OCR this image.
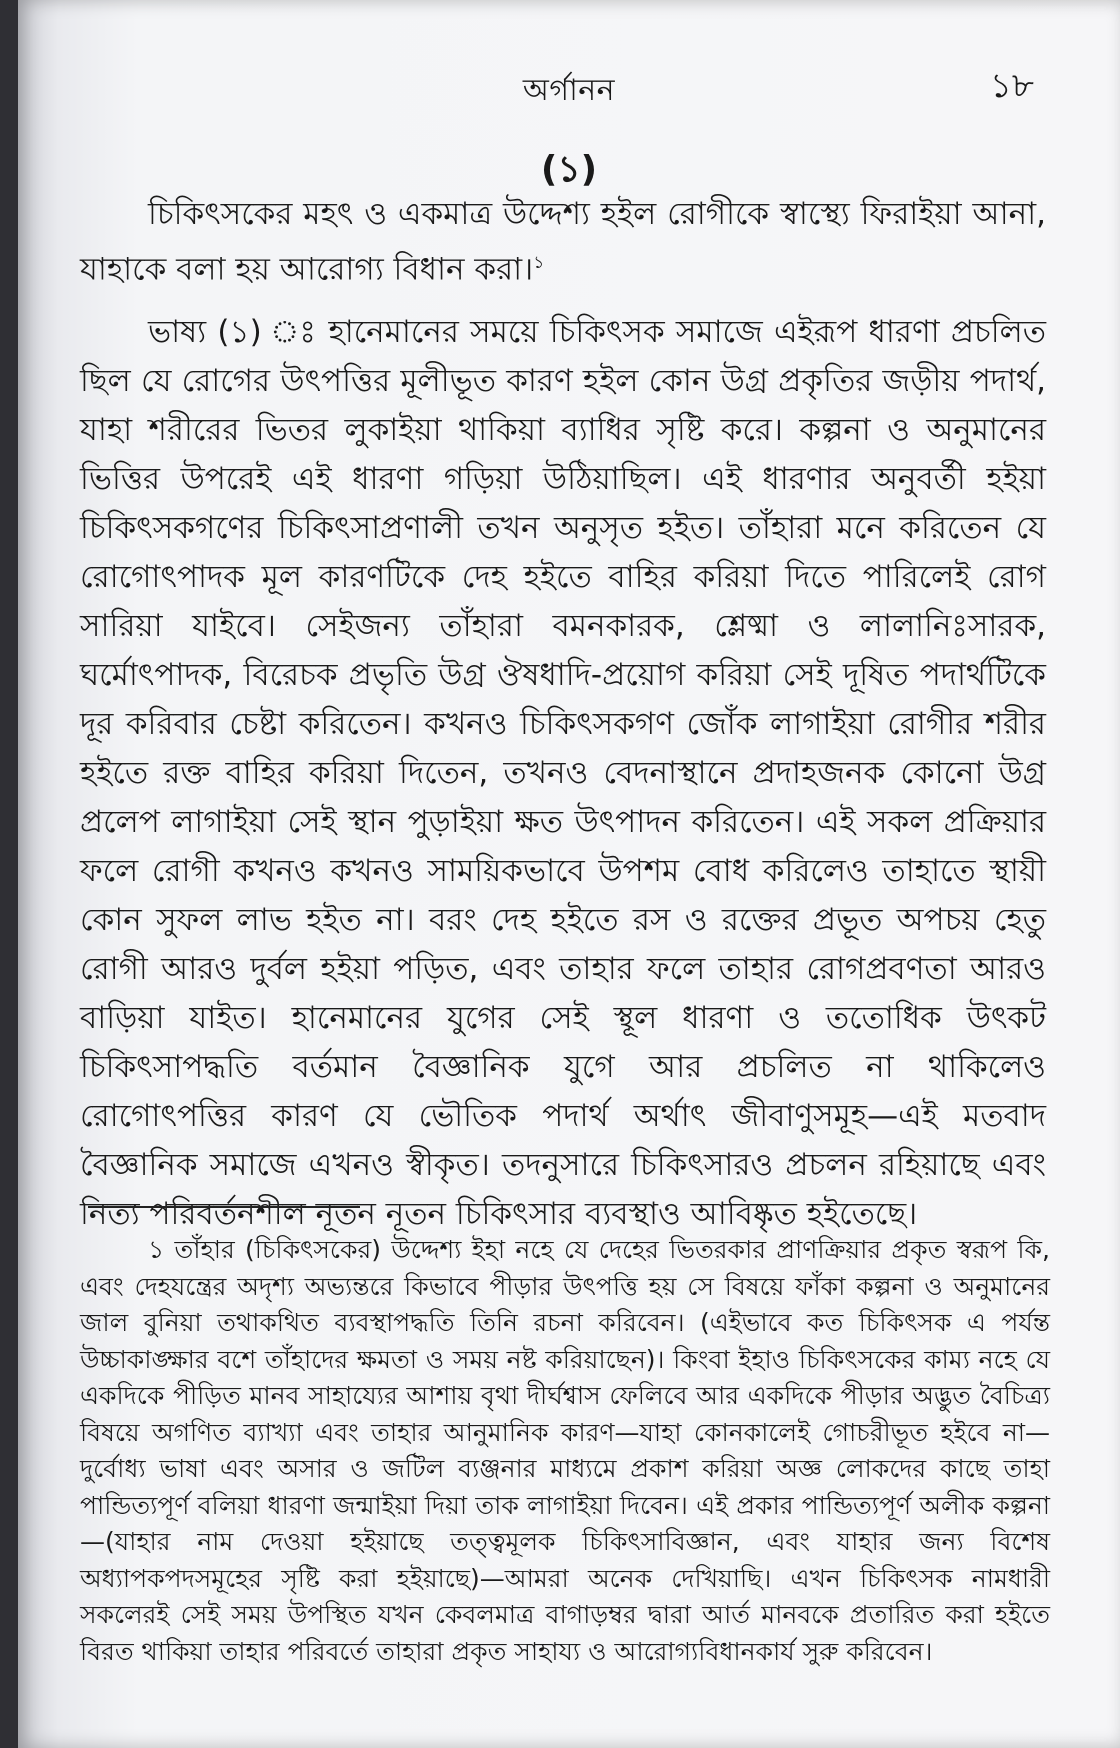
অর্গানন	১৮
(১)

চিকিৎসকের মহৎ ও একমাত্র উদ্দেশ্য হইল রোগীকে স্বাস্থ্যে ফিরাইয়া আনা, যাহাকে বলা হয় আরোগ্য বিধান করা।$^১$

ভাষ্য (১) ঃ হানেমানের সময়ে চিকিৎসক সমাজে এইরূপ ধারণা প্রচলিত ছিল যে রোগের উৎপত্তির মূলীভূত কারণ হইল কোন উগ্র প্রকৃতির জড়ীয় পদার্থ, যাহা শরীরের ভিতর লুকাইয়া থাকিয়া ব্যাধির সৃষ্টি করে। কল্পনা ও অনুমানের ভিত্তির উপরেই এই ধারণা গড়িয়া উঠিয়াছিল। এই ধারণার অনুবর্তী হইয়া চিকিৎসকগণের চিকিৎসাপ্রণালী তখন অনুসৃত হইত। তাঁহারা মনে করিতেন যে রোগোৎপাদক মূল কারণটিকে দেহ হইতে বাহির করিয়া দিতে পারিলেই রোগ সারিয়া যাইবে। সেইজন্য তাঁহারা বমনকারক, শ্লেষ্মা ও লালানিঃসারক, ঘর্মোৎপাদক, বিরেচক প্রভৃতি উগ্র ঔষধাদি-প্রয়োগ করিয়া সেই দূষিত পদার্থটিকে দূর করিবার চেষ্টা করিতেন। কখনও চিকিৎসকগণ জোঁক লাগাইয়া রোগীর শরীর হইতে রক্ত বাহির করিয়া দিতেন, তখনও বেদনাস্থানে প্রদাহজনক কোনো উগ্র প্রলেপ লাগাইয়া সেই স্থান পুড়াইয়া ক্ষত উৎপাদন করিতেন। এই সকল প্রক্রিয়ার ফলে রোগী কখনও কখনও সাময়িকভাবে উপশম বোধ করিলেও তাহাতে স্থায়ী কোন সুফল লাভ হইত না। বরং দেহ হইতে রস ও রক্তের প্রভূত অপচয় হেতু রোগী আরও দুর্বল হইয়া পড়িত, এবং তাহার ফলে তাহার রোগপ্রবণতা আরও বাড়িয়া যাইত। হানেমানের যুগের সেই স্থূল ধারণা ও ততোধিক উৎকট চিকিৎসাপদ্ধতি বর্তমান বৈজ্ঞানিক যুগে আর প্রচলিত না থাকিলেও রোগোৎপত্তির কারণ যে ভৌতিক পদার্থ অর্থাৎ জীবাণুসমূহ—এই মতবাদ বৈজ্ঞানিক সমাজে এখনও স্বীকৃত। তদনুসারে চিকিৎসারও প্রচলন রহিয়াছে এবং নিত্য পরিবর্তনশীল নূতন নূতন চিকিৎসার ব্যবস্থাও আবিষ্কৃত হইতেছে।

১ তাঁহার (চিকিৎসকের) উদ্দেশ্য ইহা নহে যে দেহের ভিতরকার প্রাণক্রিয়ার প্রকৃত স্বরূপ কি, এবং দেহযন্ত্রের অদৃশ্য অভ্যন্তরে কিভাবে পীড়ার উৎপত্তি হয় সে বিষয়ে ফাঁকা কল্পনা ও অনুমানের জাল বুনিয়া তথাকথিত ব্যবস্থাপদ্ধতি তিনি রচনা করিবেন। (এইভাবে কত চিকিৎসক এ পর্যন্ত উচ্চাকাঙ্ক্ষার বশে তাঁহাদের ক্ষমতা ও সময় নষ্ট করিয়াছেন)। কিংবা ইহাও চিকিৎসকের কাম্য নহে যে একদিকে পীড়িত মানব সাহায্যের আশায় বৃথা দীর্ঘশ্বাস ফেলিবে আর একদিকে পীড়ার অদ্ভুত বৈচিত্র্য বিষয়ে অগণিত ব্যাখ্যা এবং তাহার আনুমানিক কারণ—যাহা কোনকালেই গোচরীভূত হইবে না—দুর্বোধ্য ভাষা এবং অসার ও জটিল ব্যঞ্জনার মাধ্যমে প্রকাশ করিয়া অজ্ঞ লোকদের কাছে তাহা পান্ডিত্যপূর্ণ বলিয়া ধারণা জন্মাইয়া দিয়া তাক লাগাইয়া দিবেন। এই প্রকার পান্ডিত্যপূর্ণ অলীক কল্পনা—(যাহার নাম দেওয়া হইয়াছে তত্ত্বমূলক চিকিৎসাবিজ্ঞান, এবং যাহার জন্য বিশেষ অধ্যাপকপদসমূহের সৃষ্টি করা হইয়াছে)—আমরা অনেক দেখিয়াছি। এখন চিকিৎসক নামধারী সকলেরই সেই সময় উপস্থিত যখন কেবলমাত্র বাগাড়ম্বর দ্বারা আর্ত মানবকে প্রতারিত করা হইতে বিরত থাকিয়া তাহার পরিবর্তে তাহারা প্রকৃত সাহায্য ও আরোগ্যবিধানকার্য সুরু করিবেন।
